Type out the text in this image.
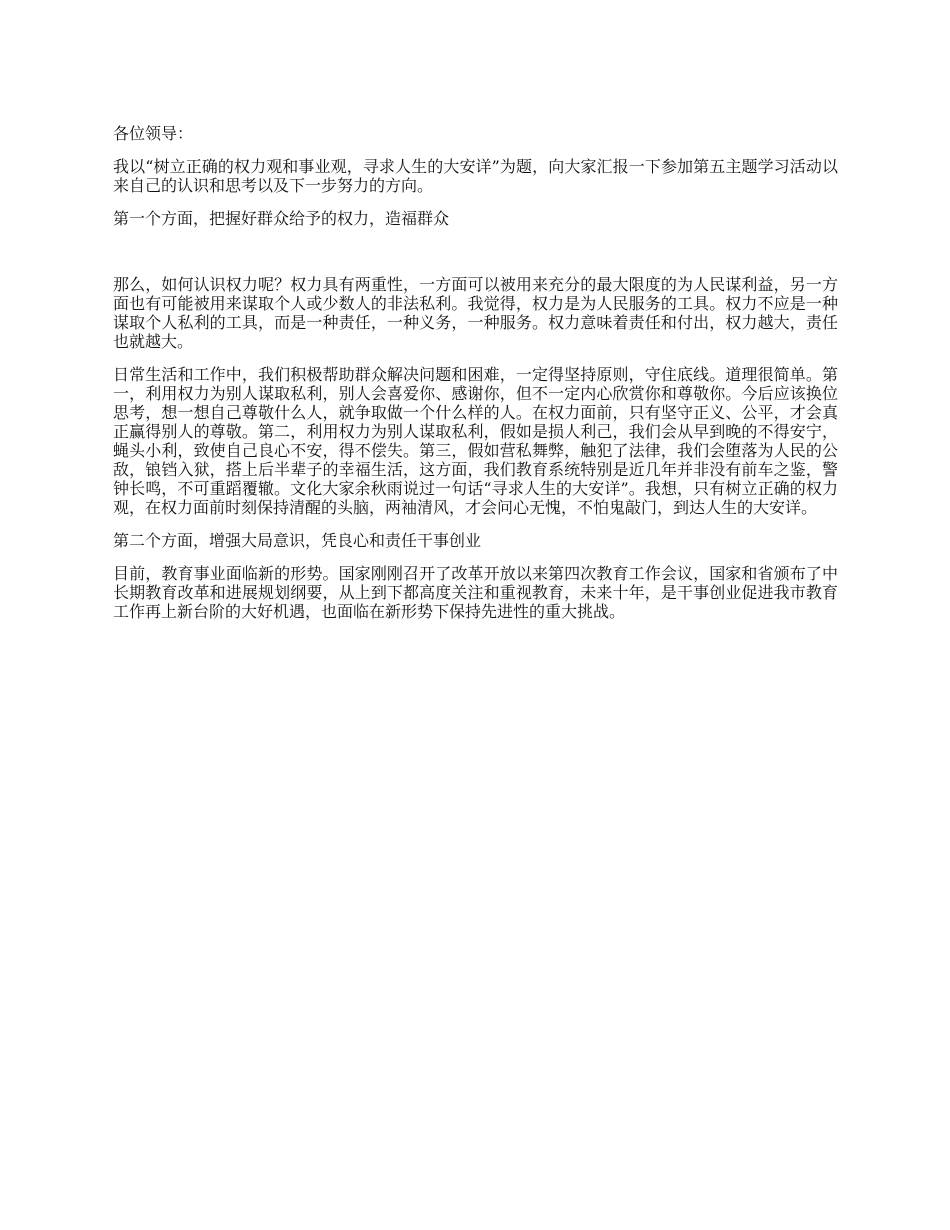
各位领导：

我以“树立正确的权力观和事业观，寻求人生的大安详”为题，向大家汇报一下参加第五主题学习活动以来自己的认识和思考以及下一步努力的方向。

第一个方面，把握好群众给予的权力，造福群众

那么，如何认识权力呢？权力具有两重性，一方面可以被用来充分的最大限度的为人民谋利益，另一方面也有可能被用来谋取个人或少数人的非法私利。我觉得，权力是为人民服务的工具。权力不应是一种谋取个人私利的工具，而是一种责任，一种义务，一种服务。权力意味着责任和付出，权力越大，责任也就越大。

日常生活和工作中，我们积极帮助群众解决问题和困难，一定得坚持原则，守住底线。道理很简单。第一，利用权力为别人谋取私利，别人会喜爱你、感谢你，但不一定内心欣赏你和尊敬你。今后应该换位思考，想一想自己尊敬什么人，就争取做一个什么样的人。在权力面前，只有坚守正义、公平，才会真正赢得别人的尊敬。第二，利用权力为别人谋取私利，假如是损人利己，我们会从早到晚的不得安宁，蝇头小利，致使自己良心不安，得不偿失。第三，假如营私舞弊，触犯了法律，我们会堕落为人民的公敌，锒铛入狱，搭上后半辈子的幸福生活，这方面，我们教育系统特别是近几年并非没有前车之鉴，警钟长鸣，不可重蹈覆辙。文化大家余秋雨说过一句话“寻求人生的大安详”。我想，只有树立正确的权力观，在权力面前时刻保持清醒的头脑，两袖清风，才会问心无愧，不怕鬼敲门，到达人生的大安详。

第二个方面，增强大局意识，凭良心和责任干事创业

目前，教育事业面临新的形势。国家刚刚召开了改革开放以来第四次教育工作会议，国家和省颁布了中长期教育改革和进展规划纲要，从上到下都高度关注和重视教育，未来十年，是干事创业促进我市教育工作再上新台阶的大好机遇，也面临在新形势下保持先进性的重大挑战。
